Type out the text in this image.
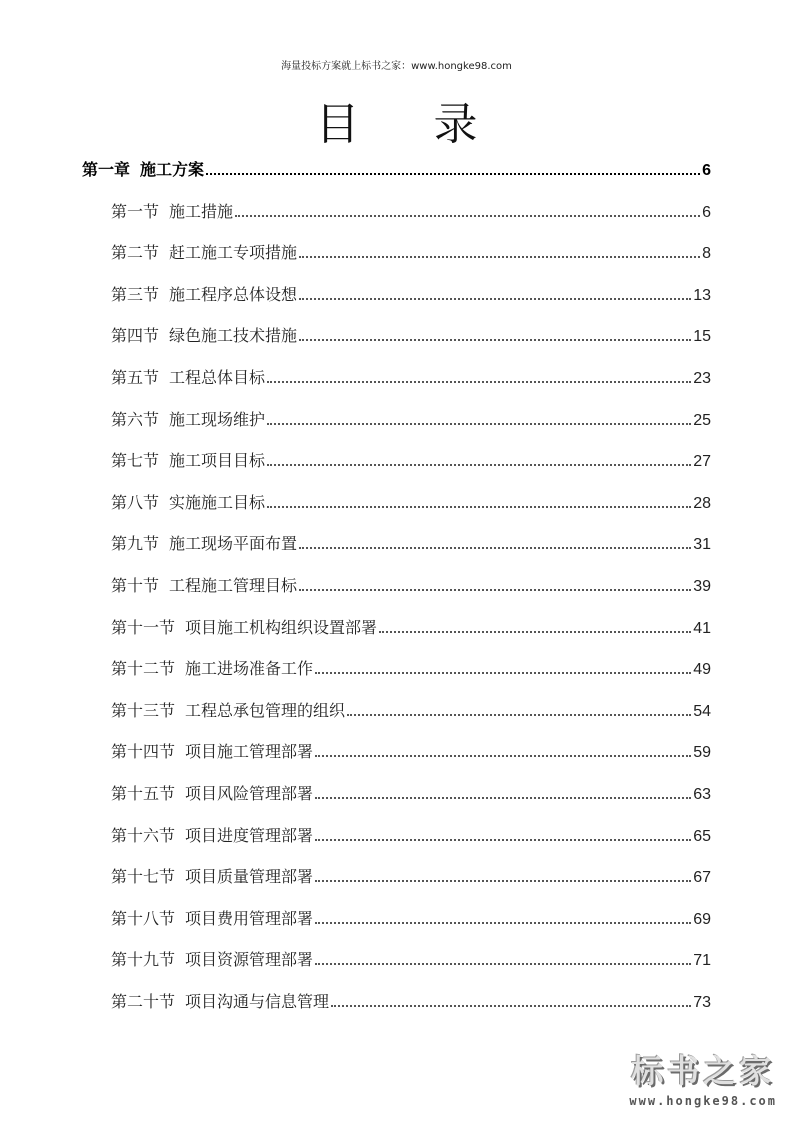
海量投标方案就上标书之家：www.hongke98.com
目 录
第一章 施工方案	6
第一节 施工措施	6
第二节 赶工施工专项措施	8
第三节 施工程序总体设想	13
第四节 绿色施工技术措施	15
第五节 工程总体目标	23
第六节 施工现场维护	25
第七节 施工项目目标	27
第八节 实施施工目标	28
第九节 施工现场平面布置	31
第十节 工程施工管理目标	39
第十一节 项目施工机构组织设置部署	41
第十二节 施工进场准备工作	49
第十三节 工程总承包管理的组织	54
第十四节 项目施工管理部署	59
第十五节 项目风险管理部署	63
第十六节 项目进度管理部署	65
第十七节 项目质量管理部署	67
第十八节 项目费用管理部署	69
第十九节 项目资源管理部署	71
第二十节 项目沟通与信息管理	73
标书之家
www.hongke98.com
